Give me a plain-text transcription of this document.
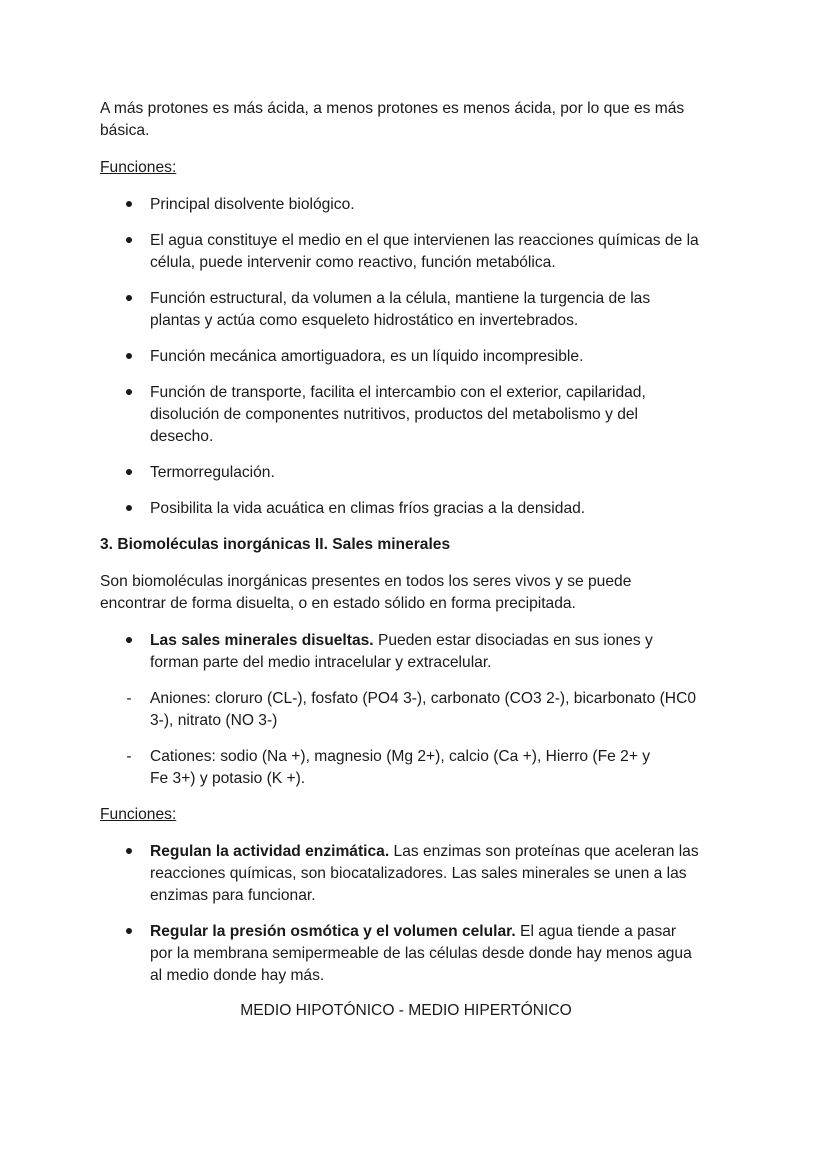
A más protones es más ácida, a menos protones es menos ácida, por lo que es más básica.

Funciones:

Principal disolvente biológico.
El agua constituye el medio en el que intervienen las reacciones químicas de la célula, puede intervenir como reactivo, función metabólica.
Función estructural, da volumen a la célula, mantiene la turgencia de las plantas y actúa como esqueleto hidrostático en invertebrados.
Función mecánica amortiguadora, es un líquido incompresible.
Función de transporte, facilita el intercambio con el exterior, capilaridad, disolución de componentes nutritivos, productos del metabolismo y del desecho.
Termorregulación.
Posibilita la vida acuática en climas fríos gracias a la densidad.

3. Biomoléculas inorgánicas II. Sales minerales

Son biomoléculas inorgánicas presentes en todos los seres vivos y se puede encontrar de forma disuelta, o en estado sólido en forma precipitada.

Las sales minerales disueltas. Pueden estar disociadas en sus iones y forman parte del medio intracelular y extracelular.
- Aniones: cloruro (CL-), fosfato (PO4 3-), carbonato (CO3 2-), bicarbonato (HC0 3-), nitrato (NO 3-)
- Cationes: sodio (Na +), magnesio (Mg 2+), calcio (Ca +), Hierro (Fe 2+ y Fe 3+) y potasio (K +).

Funciones:

Regulan la actividad enzimática. Las enzimas son proteínas que aceleran las reacciones químicas, son biocatalizadores. Las sales minerales se unen a las enzimas para funcionar.
Regular la presión osmótica y el volumen celular. El agua tiende a pasar por la membrana semipermeable de las células desde donde hay menos agua al medio donde hay más.

MEDIO HIPOTÓNICO - MEDIO HIPERTÓNICO
